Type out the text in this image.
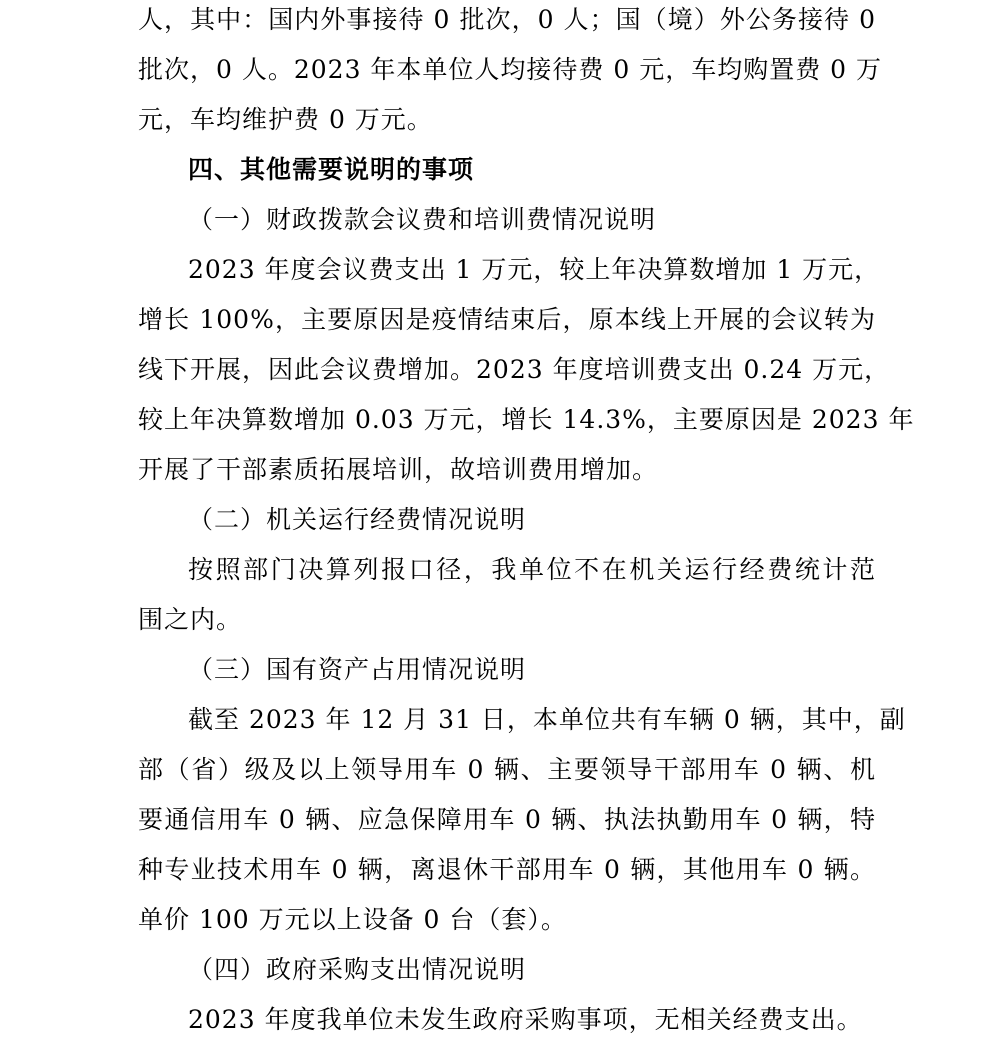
人，其中：国内外事接待 0 批次，0 人；国（境）外公务接待 0
批次，0 人。2023 年本单位人均接待费 0 元，车均购置费 0 万
元，车均维护费 0 万元。
四、其他需要说明的事项
（一）财政拨款会议费和培训费情况说明
2023 年度会议费支出 1 万元，较上年决算数增加 1 万元，
增长 100%，主要原因是疫情结束后，原本线上开展的会议转为
线下开展，因此会议费增加。2023 年度培训费支出 0.24 万元，
较上年决算数增加 0.03 万元，增长 14.3%，主要原因是 2023 年
开展了干部素质拓展培训，故培训费用增加。
（二）机关运行经费情况说明
按照部门决算列报口径，我单位不在机关运行经费统计范
围之内。
（三）国有资产占用情况说明
截至 2023 年 12 月 31 日，本单位共有车辆 0 辆，其中，副
部（省）级及以上领导用车 0 辆、主要领导干部用车 0 辆、机
要通信用车 0 辆、应急保障用车 0 辆、执法执勤用车 0 辆，特
种专业技术用车 0 辆，离退休干部用车 0 辆，其他用车 0 辆。
单价 100 万元以上设备 0 台（套）。
（四）政府采购支出情况说明
2023 年度我单位未发生政府采购事项，无相关经费支出。
